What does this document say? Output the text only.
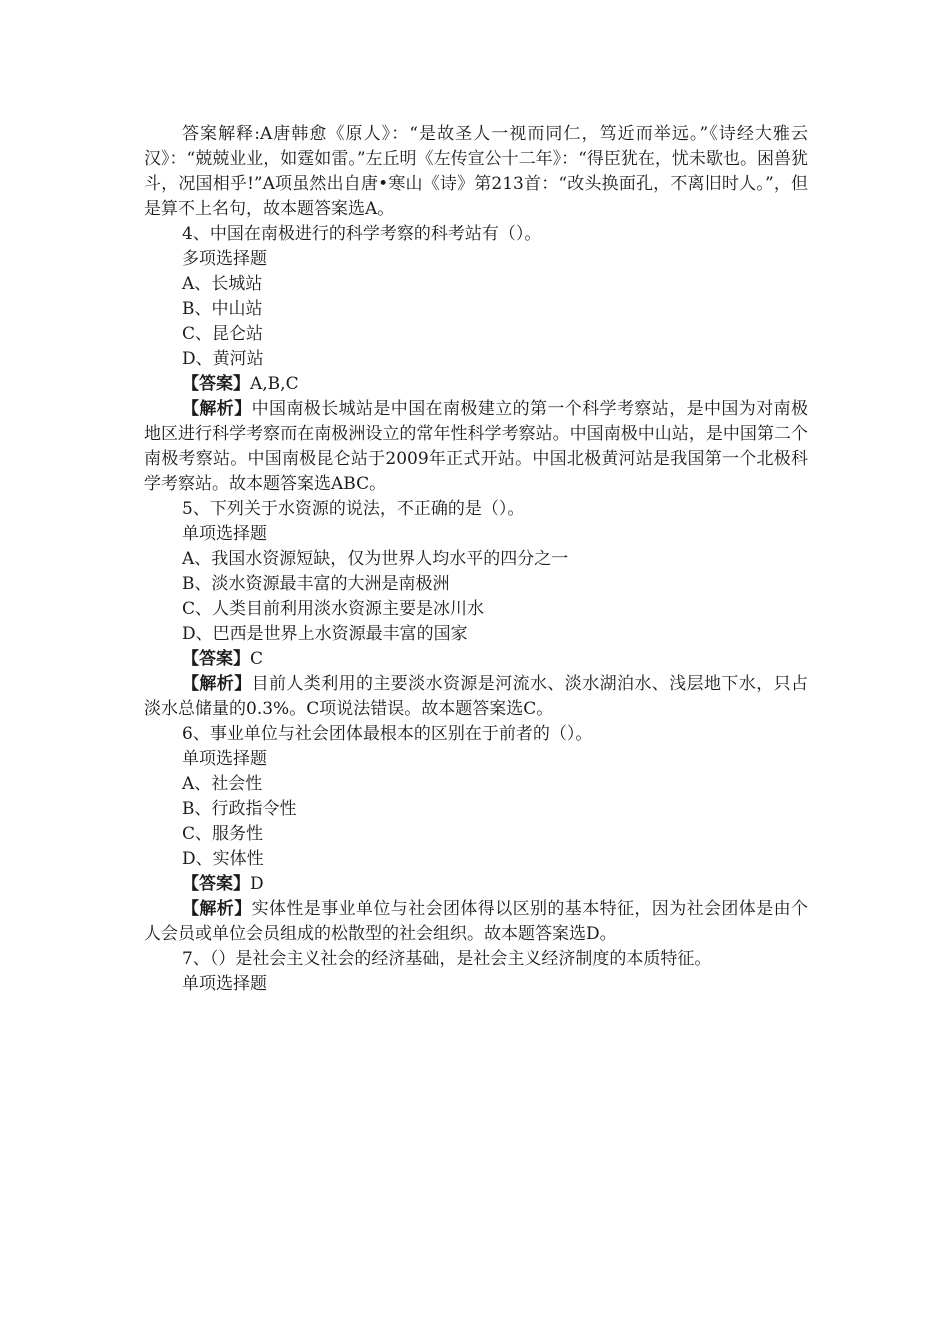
答案解释:A唐韩愈《原人》：“是故圣人一视而同仁，笃近而举远。”《诗经大雅云汉》：“兢兢业业，如霆如雷。”左丘明《左传宣公十二年》：“得臣犹在，忧未歇也。困兽犹斗，况国相乎!”A项虽然出自唐•寒山《诗》第213首：“改头换面孔，不离旧时人。”，但是算不上名句，故本题答案选A。

4、中国在南极进行的科学考察的科考站有（）。

多项选择题

A、长城站

B、中山站

C、昆仑站

D、黄河站

【答案】A,B,C

【解析】中国南极长城站是中国在南极建立的第一个科学考察站，是中国为对南极地区进行科学考察而在南极洲设立的常年性科学考察站。中国南极中山站，是中国第二个南极考察站。中国南极昆仑站于2009年正式开站。中国北极黄河站是我国第一个北极科学考察站。故本题答案选ABC。

5、下列关于水资源的说法，不正确的是（）。

单项选择题

A、我国水资源短缺，仅为世界人均水平的四分之一

B、淡水资源最丰富的大洲是南极洲

C、人类目前利用淡水资源主要是冰川水

D、巴西是世界上水资源最丰富的国家

【答案】C

【解析】目前人类利用的主要淡水资源是河流水、淡水湖泊水、浅层地下水，只占淡水总储量的0.3%。C项说法错误。故本题答案选C。

6、事业单位与社会团体最根本的区别在于前者的（）。

单项选择题

A、社会性

B、行政指令性

C、服务性

D、实体性

【答案】D

【解析】实体性是事业单位与社会团体得以区别的基本特征，因为社会团体是由个人会员或单位会员组成的松散型的社会组织。故本题答案选D。

7、（）是社会主义社会的经济基础，是社会主义经济制度的本质特征。

单项选择题
